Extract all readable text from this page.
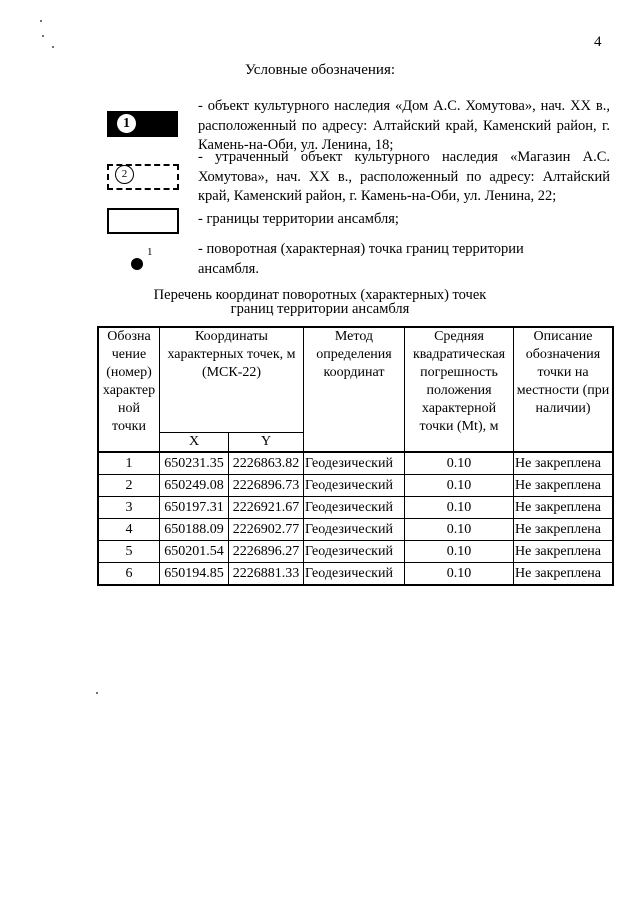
4
Условные обозначения:
1
- объект культурного наследия «Дом А.С. Хомутова», нач. XX в., расположенный по адресу: Алтайский край, Каменский район, г. Камень-на-Оби, ул. Ленина, 18;
2
- утраченный объект культурного наследия «Магазин А.С. Хомутова», нач. XX в., расположенный по адресу: Алтайский край, Каменский район, г. Камень-на-Оби, ул. Ленина, 22;
- границы территории ансамбля;
1	- поворотная (характерная) точка границ территории ансамбля.
Перечень координат поворотных (характерных) точек
границ территории ансамбля
Обозна чение (номер) характер ной точки	Координаты характерных точек, м (МСК-22)		Метод определения координат	Средняя квадратическая погрешность положения характерной точки (Mt), м	Описание обозначения точки на местности (при наличии)
	X	Y			
1	650231.35	2226863.82	Геодезический	0.10	Не закреплена
2	650249.08	2226896.73	Геодезический	0.10	Не закреплена
3	650197.31	2226921.67	Геодезический	0.10	Не закреплена
4	650188.09	2226902.77	Геодезический	0.10	Не закреплена
5	650201.54	2226896.27	Геодезический	0.10	Не закреплена
6	650194.85	2226881.33	Геодезический	0.10	Не закреплена
